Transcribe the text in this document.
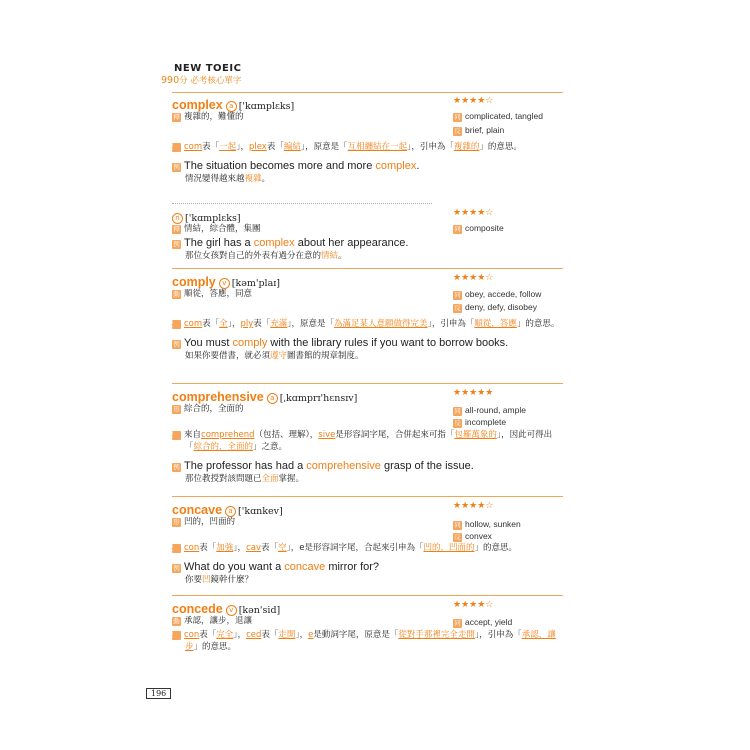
NEW TOEIC
990分 必考核心單字
complex a ['kɑmplɛks]	★★★★☆
釋 複雜的，難懂的	同 complicated, tangled
反 brief, plain
記 com表「一起」，plex表「編結」，原意是「互相纏結在一起」，引申為「複雜的」的意思。
例 The situation becomes more and more complex.
情況變得越來越複雜。
n ['kɑmplɛks]	★★★★☆
釋 情結，綜合體，集團	同 composite
例 The girl has a complex about her appearance.
那位女孩對自己的外表有過分在意的情結。
comply v [kəm'plaɪ]	★★★★☆
動 順從，答應，同意	同 obey, accede, follow
反 deny, defy, disobey
記 com表「全」，ply表「充滿」，原意是「為滿足某人意願做得完美」，引申為「順從，答應」的意思。
例 You must comply with the library rules if you want to borrow books.
如果你要借書，就必須遵守圖書館的規章制度。
comprehensive a [ˌkɑmprɪ'hɛnsɪv]	★★★★★
形 綜合的，全面的	同 all-round, ample
反 incomplete
記 來自comprehend（包括、理解），sive是形容詞字尾，合併起來可指「包羅萬象的」，因此可得出「綜合的，全面的」之意。
例 The professor has had a comprehensive grasp of the issue.
那位教授對該問題已全面掌握。
concave a ['kɑnkev]	★★★★☆
形 凹的，凹面的	同 hollow, sunken
反 convex
記 con表「加強」，cav表「空」，e是形容詞字尾，合起來引申為「凹的，凹面的」的意思。
例 What do you want a concave mirror for?
你要凹鏡幹什麼？
concede v [kən'sid]	★★★★☆
動 承認，讓步，退讓	同 accept, yield
記 con表「完全」，ced表「走開」，e是動詞字尾，原意是「從對手那裡完全走開」，引申為「承認，讓步」的意思。
196
